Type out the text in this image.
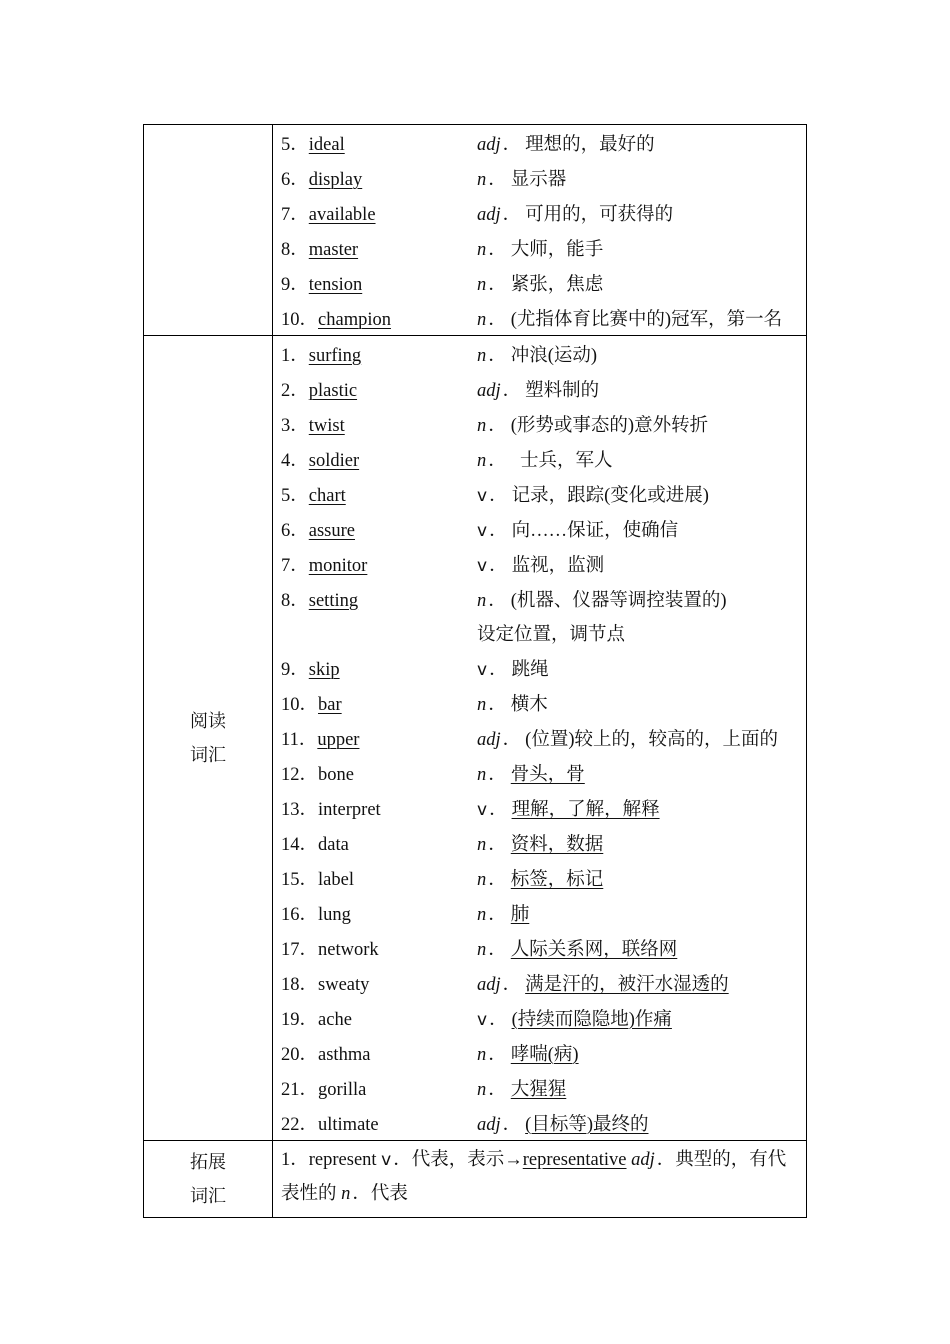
5．ideal	adj ． 理想的，最好的
6．display	n ． 显示器
7．available	adj ． 可用的，可获得的
8．master	n ． 大师，能手
9．tension	n ． 紧张，焦虑
10．champion	n ． (尤指体育比赛中的)冠军，第一名
阅读
词汇
1．surfing	n ． 冲浪(运动)
2．plastic	adj ． 塑料制的
3．twist	n ． (形势或事态的)意外转折
4．soldier	n ．　士兵，军人
5．chart	v ． 记录，跟踪(变化或进展)
6．assure	v ． 向……保证，使确信
7．monitor	v ． 监视，监测
8．setting	n ． (机器、仪器等调控装置的)
设定位置，调节点
9．skip	v ． 跳绳
10．bar	n ． 横木
11．upper	adj ． (位置)较上的，较高的，上面的
12．bone	n ． 骨头，骨
13．interpret	v ． 理解，了解，解释
14．data	n ． 资料，数据
15．label	n ． 标签，标记
16．lung	n ． 肺
17．network	n ． 人际关系网，联络网
18．sweaty	adj ． 满是汗的，被汗水湿透的
19．ache	v ． (持续而隐隐地)作痛
20．asthma	n ． 哮喘(病)
21．gorilla	n ． 大猩猩
22．ultimate	adj ． (目标等)最终的
拓展
词汇
1．represent v ．代表，表示→representative adj ．典型的，有代表性的 n ．代表
